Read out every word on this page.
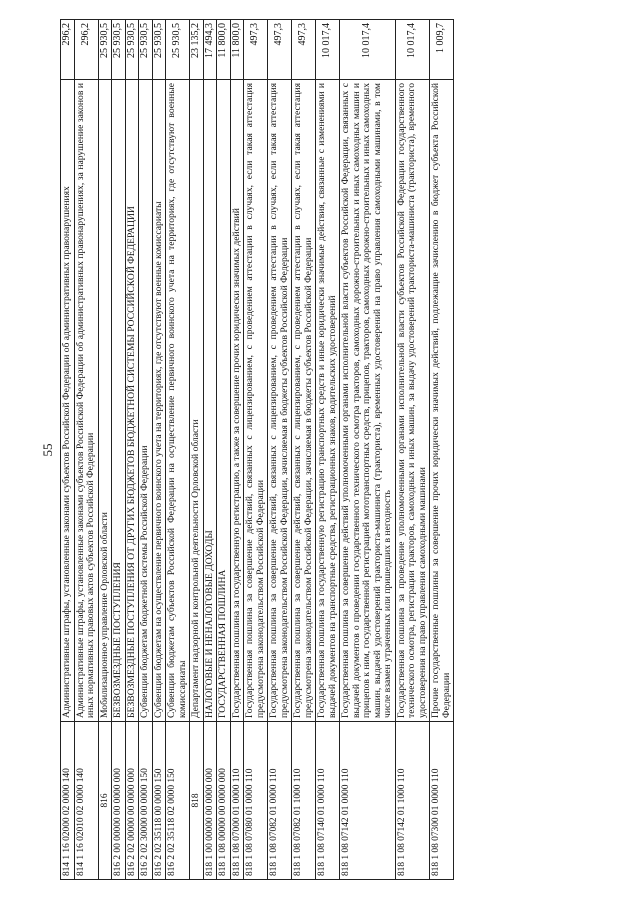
55
814 1 16 02000 02 0000 140	Административные штрафы, установленные законами субъектов Российской Федерации об административных правонарушениях	296,2
814 1 16 02010 02 0000 140	Административные штрафы, установленные законами субъектов Российской Федерации об административных правонарушениях, за нарушение законов и иных нормативных правовых актов субъектов Российской Федерации	296,2
816	Мобилизационное управление Орловской области	25 930,5
816 2 00 00000 00 0000 000	БЕЗВОЗМЕЗДНЫЕ ПОСТУПЛЕНИЯ	25 930,5
816 2 02 00000 00 0000 000	БЕЗВОЗМЕЗДНЫЕ ПОСТУПЛЕНИЯ ОТ ДРУГИХ БЮДЖЕТОВ БЮДЖЕТНОЙ СИСТЕМЫ РОССИЙСКОЙ ФЕДЕРАЦИИ	25 930,5
816 2 02 30000 00 0000 150	Субвенции бюджетам бюджетной системы Российской Федерации	25 930,5
816 2 02 35118 00 0000 150	Субвенции бюджетам на осуществление первичного воинского учета на территориях, где отсутствуют военные комиссариаты	25 930,5
816 2 02 35118 02 0000 150	Субвенции бюджетам субъектов Российской Федерации на осуществление первичного воинского учета на территориях, где отсутствуют военные комиссариаты	25 930,5
818	Департамент надзорной и контрольной деятельности Орловской области	23 135,2
818 1 00 00000 00 0000 000	НАЛОГОВЫЕ И НЕНАЛОГОВЫЕ ДОХОДЫ	17 494,3
818 1 08 00000 00 0000 000	ГОСУДАРСТВЕННАЯ ПОШЛИНА	11 800,0
818 1 08 07000 01 0000 110	Государственная пошлина за государственную регистрацию, а также за совершение прочих юридически значимых действий	11 800,0
818 1 08 07080 01 0000 110	Государственная пошлина за совершение действий, связанных с лицензированием, с проведением аттестации в случаях, если такая аттестация предусмотрена законодательством Российской Федерации	497,3
818 1 08 07082 01 0000 110	Государственная пошлина за совершение действий, связанных с лицензированием, с проведением аттестации в случаях, если такая аттестация предусмотрена законодательством Российской Федерации, зачисляемая в бюджеты субъектов Российской Федерации	497,3
818 1 08 07082 01 1000 110	Государственная пошлина за совершение действий, связанных с лицензированием, с проведением аттестации в случаях, если такая аттестация предусмотрена законодательством Российской Федерации, зачисляемая в бюджеты субъектов Российской Федерации	497,3
818 1 08 07140 01 0000 110	Государственная пошлина за государственную регистрацию транспортных средств и иные юридически значимые действия, связанные с изменениями и выдачей документов на транспортные средства, регистрационных знаков, водительских удостоверений	10 017,4
818 1 08 07142 01 0000 110	Государственная пошлина за совершение действий уполномоченными органами исполнительной власти субъектов Российской Федерации, связанных с выдачей документов о проведении государственного технического осмотра тракторов, самоходных дорожно-строительных и иных самоходных машин и прицепов к ним, государственной регистрацией мототранспортных средств, прицепов, тракторов, самоходных дорожно-строительных и иных самоходных машин, выдачей удостоверений тракториста-машиниста (тракториста), временных удостоверений на право управления самоходными машинами, в том числе взамен утраченных или пришедших в негодность	10 017,4
818 1 08 07142 01 1000 110	Государственная пошлина за проведение уполномоченными органами исполнительной власти субъектов Российской Федерации государственного технического осмотра, регистрации тракторов, самоходных и иных машин, за выдачу удостоверений тракториста-машиниста (тракториста), временного удостоверения на право управления самоходными машинами	10 017,4
818 1 08 07300 01 0000 110	Прочие государственные пошлины за совершение прочих юридически значимых действий, подлежащие зачислению в бюджет субъекта Российской Федерации	1 009,7
